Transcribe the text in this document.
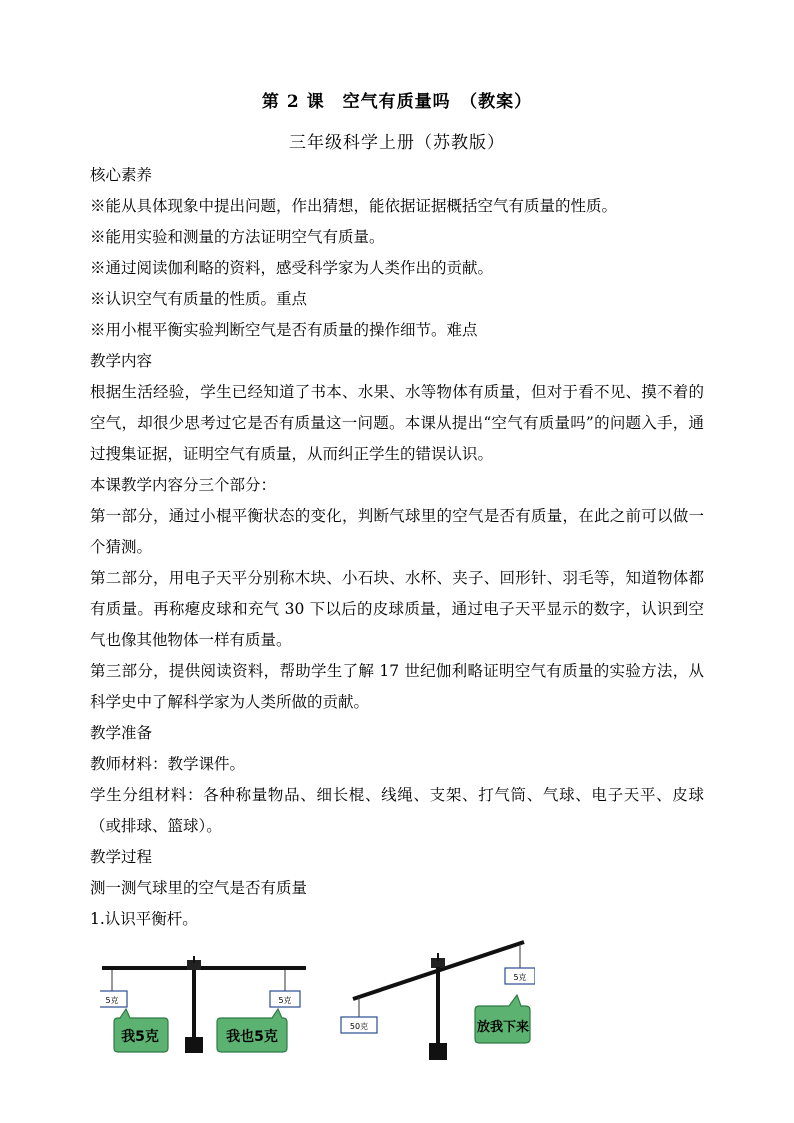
第 2 课　空气有质量吗　（教案）
三年级科学上册（苏教版）

核心素养

※能从具体现象中提出问题，作出猜想，能依据证据概括空气有质量的性质。

※能用实验和测量的方法证明空气有质量。

※通过阅读伽利略的资料，感受科学家为人类作出的贡献。

※认识空气有质量的性质。重点

※用小棍平衡实验判断空气是否有质量的操作细节。难点

教学内容

根据生活经验，学生已经知道了书本、水果、水等物体有质量，但对于看不见、摸不着的空气，却很少思考过它是否有质量这一问题。本课从提出“空气有质量吗”的问题入手，通过搜集证据，证明空气有质量，从而纠正学生的错误认识。

本课教学内容分三个部分：

第一部分，通过小棍平衡状态的变化，判断气球里的空气是否有质量，在此之前可以做一个猜测。

第二部分，用电子天平分别称木块、小石块、水杯、夹子、回形针、羽毛等，知道物体都有质量。再称瘪皮球和充气 30 下以后的皮球质量，通过电子天平显示的数字，认识到空气也像其他物体一样有质量。

第三部分，提供阅读资料，帮助学生了解 17 世纪伽利略证明空气有质量的实验方法，从科学史中了解科学家为人类所做的贡献。

教学准备

教师材料：教学课件。

学生分组材料：各种称量物品、细长棍、线绳、支架、打气筒、气球、电子天平、皮球（或排球、篮球）。

教学过程

测一测气球里的空气是否有质量

1.认识平衡杆。

5克	5克
我5克	我也5克
50克
5克
放我下来
